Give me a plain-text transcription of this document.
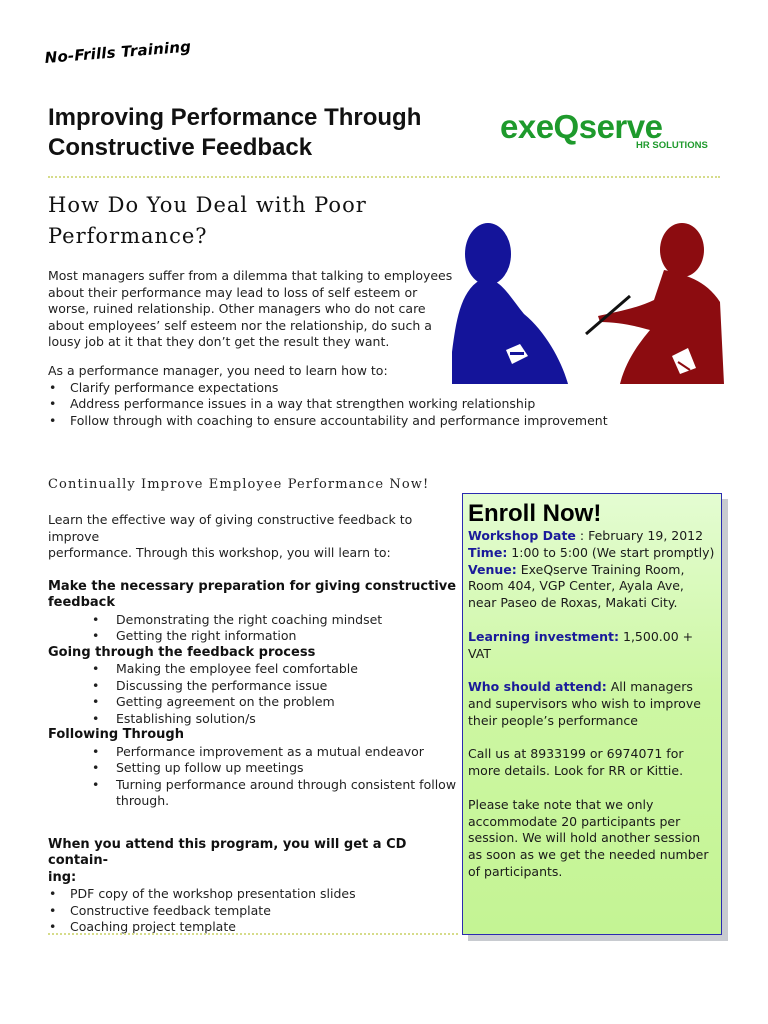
No-Frills Training
Improving Performance Through
Constructive Feedback
exeQserve
HR SOLUTIONS
How Do You Deal with Poor
Performance?
Most managers suffer from a dilemma that talking to employees
about their performance may lead to loss of self esteem or
worse, ruined relationship. Other managers who do not care
about employees’ self esteem nor the relationship, do such a
lousy job at it that they don’t get the result they want.
As a performance manager, you need to learn how to:
• Clarify performance expectations
• Address performance issues in a way that strengthen working relationship
• Follow through with coaching to ensure accountability and performance improvement
Continually Improve Employee Performance Now!
Learn the effective way of giving constructive feedback to improve
performance. Through this workshop, you will learn to:
Make the necessary preparation for giving constructive
feedback
• Demonstrating the right coaching mindset
• Getting the right information
Going through the feedback process
• Making the employee feel comfortable
• Discussing the performance issue
• Getting agreement on the problem
• Establishing solution/s
Following Through
• Performance improvement as a mutual endeavor
• Setting up follow up meetings
• Turning performance around through consistent follow through.
When you attend this program, you will get a CD contain-
ing:
• PDF copy of the workshop presentation slides
• Constructive feedback template
• Coaching project template
Enroll Now!
Workshop Date : February 19, 2012
Time: 1:00 to 5:00 (We start promptly)

Venue: ExeQserve Training Room, Room 404, VGP Center, Ayala Ave, near Paseo de Roxas, Makati City.

Learning investment: 1,500.00 + VAT

Who should attend: All managers and supervisors who wish to improve their people’s performance

Call us at 8933199 or 6974071 for more details. Look for RR or Kittie.

Please take note that we only accommodate 20 participants per session. We will hold another session as soon as we get the needed number of participants.
